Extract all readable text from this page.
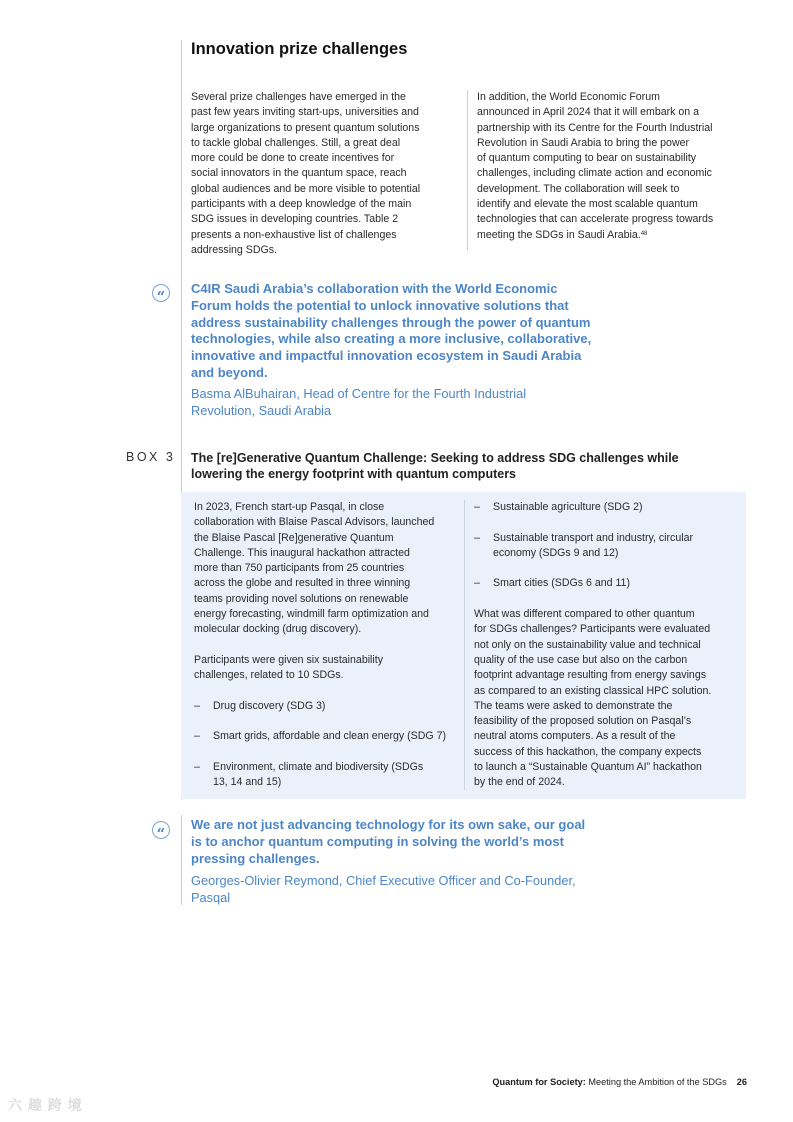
Innovation prize challenges
Several prize challenges have emerged in the
past few years inviting start-ups, universities and
large organizations to present quantum solutions
to tackle global challenges. Still, a great deal
more could be done to create incentives for
social innovators in the quantum space, reach
global audiences and be more visible to potential
participants with a deep knowledge of the main
SDG issues in developing countries. Table 2
presents a non-exhaustive list of challenges
addressing SDGs.
In addition, the World Economic Forum
announced in April 2024 that it will embark on a
partnership with its Centre for the Fourth Industrial
Revolution in Saudi Arabia to bring the power
of quantum computing to bear on sustainability
challenges, including climate action and economic
development. The collaboration will seek to
identify and elevate the most scalable quantum
technologies that can accelerate progress towards
meeting the SDGs in Saudi Arabia.$^{48}$
“	C4IR Saudi Arabia’s collaboration with the World Economic
Forum holds the potential to unlock innovative solutions that
address sustainability challenges through the power of quantum
technologies, while also creating a more inclusive, collaborative,
innovative and impactful innovation ecosystem in Saudi Arabia
and beyond.
Basma AlBuhairan, Head of Centre for the Fourth Industrial
Revolution, Saudi Arabia
BOX 3 The [re]Generative Quantum Challenge: Seeking to address SDG challenges while
lowering the energy footprint with quantum computers
In 2023, French start-up Pasqal, in close
collaboration with Blaise Pascal Advisors, launched
the Blaise Pascal [Re]generative Quantum
Challenge. This inaugural hackathon attracted
more than 750 participants from 25 countries
across the globe and resulted in three winning
teams providing novel solutions on renewable
energy forecasting, windmill farm optimization and
molecular docking (drug discovery).
Participants were given six sustainability
challenges, related to 10 SDGs.
–	Drug discovery (SDG 3)
–	Smart grids, affordable and clean energy (SDG 7)
–	Environment, climate and biodiversity (SDGs
13, 14 and 15)
–	Sustainable agriculture (SDG 2)
–	Sustainable transport and industry, circular
economy (SDGs 9 and 12)
–	Smart cities (SDGs 6 and 11)
What was different compared to other quantum
for SDGs challenges? Participants were evaluated
not only on the sustainability value and technical
quality of the use case but also on the carbon
footprint advantage resulting from energy savings
as compared to an existing classical HPC solution.
The teams were asked to demonstrate the
feasibility of the proposed solution on Pasqal’s
neutral atoms computers. As a result of the
success of this hackathon, the company expects
to launch a “Sustainable Quantum AI” hackathon
by the end of 2024.
“
We are not just advancing technology for its own sake, our goal
is to anchor quantum computing in solving the world’s most
pressing challenges.
Georges-Olivier Reymond, Chief Executive Officer and Co-Founder,
Pasqal
Quantum for Society: Meeting the Ambition of the SDGs 26
六 趣 跨 境
